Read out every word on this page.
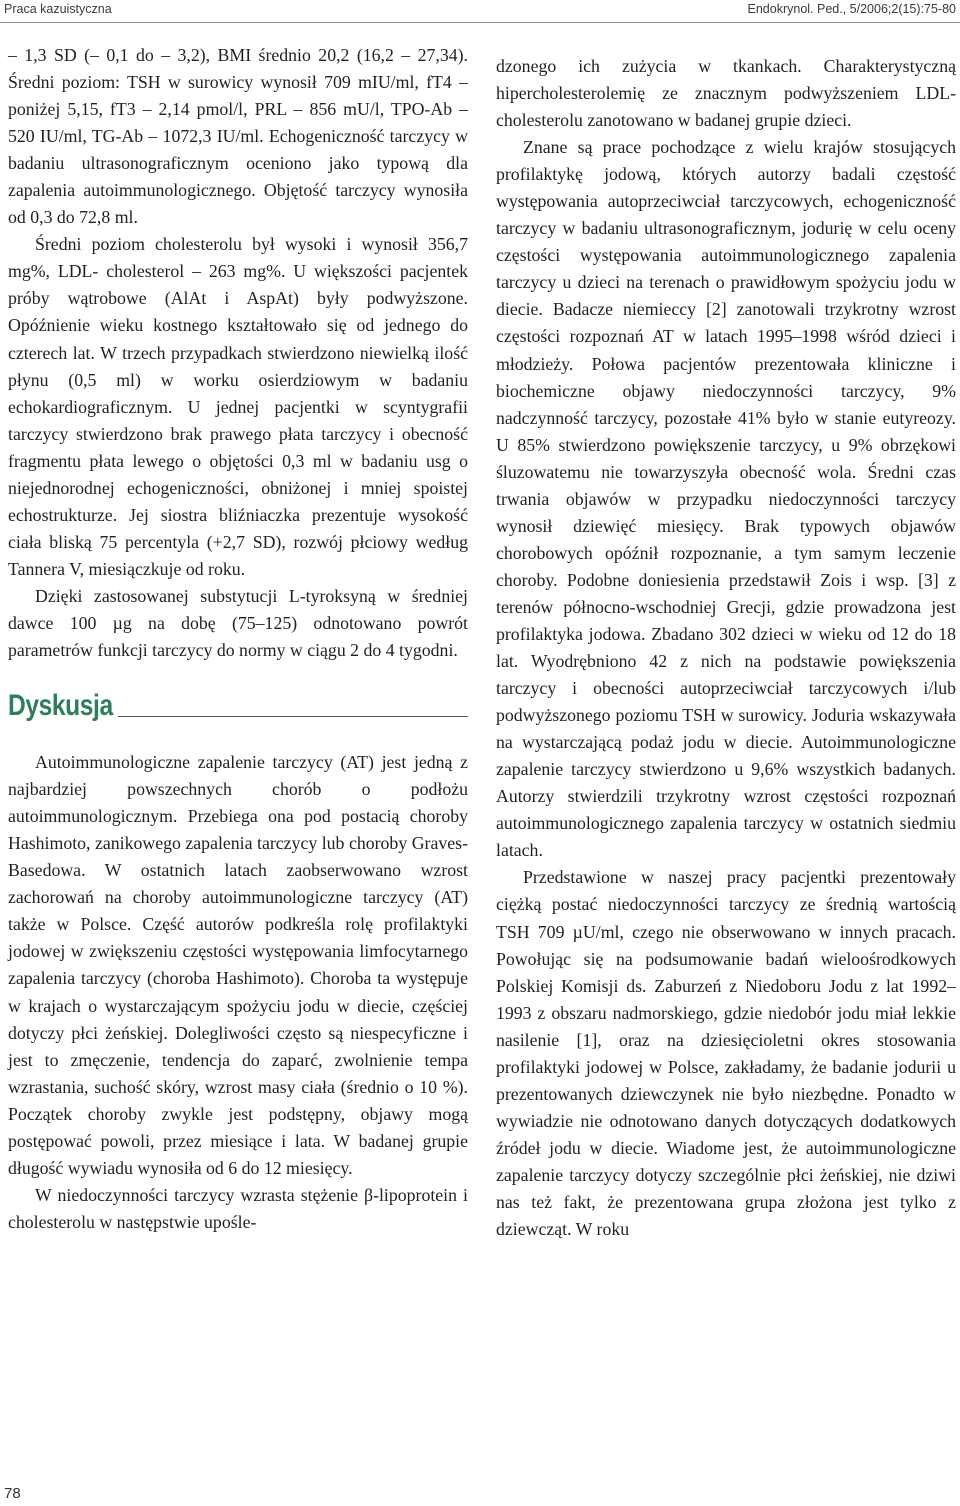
Praca kazuistyczna	Endokrynol. Ped., 5/2006;2(15):75-80

– 1,3 SD (– 0,1 do – 3,2), BMI średnio 20,2 (16,2 – 27,34). Średni poziom: TSH w surowicy wynosił 709 mIU/ml, fT4 – poniżej 5,15, fT3 – 2,14 pmol/l, PRL – 856 mU/l, TPO-Ab – 520 IU/ml, TG-Ab – 1072,3 IU/ml. Echogeniczność tarczycy w badaniu ultrasonograficznym oceniono jako typową dla zapalenia autoimmunologicznego. Objętość tarczycy wynosiła od 0,3 do 72,8 ml.

Średni poziom cholesterolu był wysoki i wynosił 356,7 mg%, LDL- cholesterol – 263 mg%. U większości pacjentek próby wątrobowe (AlAt i AspAt) były podwyższone. Opóźnienie wieku kostnego kształtowało się od jednego do czterech lat. W trzech przypadkach stwierdzono niewielką ilość płynu (0,5 ml) w worku osierdziowym w badaniu echokardiograficznym. U jednej pacjentki w scyntygrafii tarczycy stwierdzono brak prawego płata tarczycy i obecność fragmentu płata lewego o objętości 0,3 ml w badaniu usg o niejednorodnej echogeniczności, obniżonej i mniej spoistej echostrukturze. Jej siostra bliźniaczka prezentuje wysokość ciała bliską 75 percentyla (+2,7 SD), rozwój płciowy według Tannera V, miesiączkuje od roku.

Dzięki zastosowanej substytucji L-tyroksyną w średniej dawce 100 µg na dobę (75–125) odnotowano powrót parametrów funkcji tarczycy do normy w ciągu 2 do 4 tygodni.

Dyskusja

Autoimmunologiczne zapalenie tarczycy (AT) jest jedną z najbardziej powszechnych chorób o podłożu autoimmunologicznym. Przebiega ona pod postacią choroby Hashimoto, zanikowego zapalenia tarczycy lub choroby Graves-Basedowa. W ostatnich latach zaobserwowano wzrost zachorowań na choroby autoimmunologiczne tarczycy (AT) także w Polsce. Część autorów podkreśla rolę profilaktyki jodowej w zwiększeniu częstości występowania limfocytarnego zapalenia tarczycy (choroba Hashimoto). Choroba ta występuje w krajach o wystarczającym spożyciu jodu w diecie, częściej dotyczy płci żeńskiej. Dolegliwości często są niespecyficzne i jest to zmęczenie, tendencja do zaparć, zwolnienie tempa wzrastania, suchość skóry, wzrost masy ciała (średnio o 10 %). Początek choroby zwykle jest podstępny, objawy mogą postępować powoli, przez miesiące i lata. W badanej grupie długość wywiadu wynosiła od 6 do 12 miesięcy.

W niedoczynności tarczycy wzrasta stężenie β-lipoprotein i cholesterolu w następstwie upośle-

dzonego ich zużycia w tkankach. Charakterystyczną hipercholesterolemię ze znacznym podwyższeniem LDL-cholesterolu zanotowano w badanej grupie dzieci.

Znane są prace pochodzące z wielu krajów stosujących profilaktykę jodową, których autorzy badali częstość występowania autoprzeciwciał tarczycowych, echogeniczność tarczycy w badaniu ultrasonograficznym, jodurię w celu oceny częstości występowania autoimmunologicznego zapalenia tarczycy u dzieci na terenach o prawidłowym spożyciu jodu w diecie. Badacze niemieccy [2] zanotowali trzykrotny wzrost częstości rozpoznań AT w latach 1995–1998 wśród dzieci i młodzieży. Połowa pacjentów prezentowała kliniczne i biochemiczne objawy niedoczynności tarczycy, 9% nadczynność tarczycy, pozostałe 41% było w stanie eutyreozy. U 85% stwierdzono powiększenie tarczycy, u 9% obrzękowi śluzowatemu nie towarzyszyła obecność wola. Średni czas trwania objawów w przypadku niedoczynności tarczycy wynosił dziewięć miesięcy. Brak typowych objawów chorobowych opóźnił rozpoznanie, a tym samym leczenie choroby. Podobne doniesienia przedstawił Zois i wsp. [3] z terenów północno-wschodniej Grecji, gdzie prowadzona jest profilaktyka jodowa. Zbadano 302 dzieci w wieku od 12 do 18 lat. Wyodrębniono 42 z nich na podstawie powiększenia tarczycy i obecności autoprzeciwciał tarczycowych i/lub podwyższonego poziomu TSH w surowicy. Joduria wskazywała na wystarczającą podaż jodu w diecie. Autoimmunologiczne zapalenie tarczycy stwierdzono u 9,6% wszystkich badanych. Autorzy stwierdzili trzykrotny wzrost częstości rozpoznań autoimmunologicznego zapalenia tarczycy w ostatnich siedmiu latach.

Przedstawione w naszej pracy pacjentki prezentowały ciężką postać niedoczynności tarczycy ze średnią wartością TSH 709 µU/ml, czego nie obserwowano w innych pracach. Powołując się na podsumowanie badań wieloośrodkowych Polskiej Komisji ds. Zaburzeń z Niedoboru Jodu z lat 1992–1993 z obszaru nadmorskiego, gdzie niedobór jodu miał lekkie nasilenie [1], oraz na dziesięcioletni okres stosowania profilaktyki jodowej w Polsce, zakładamy, że badanie jodurii u prezentowanych dziewczynek nie było niezbędne. Ponadto w wywiadzie nie odnotowano danych dotyczących dodatkowych źródeł jodu w diecie. Wiadome jest, że autoimmunologiczne zapalenie tarczycy dotyczy szczególnie płci żeńskiej, nie dziwi nas też fakt, że prezentowana grupa złożona jest tylko z dziewcząt. W roku

78
